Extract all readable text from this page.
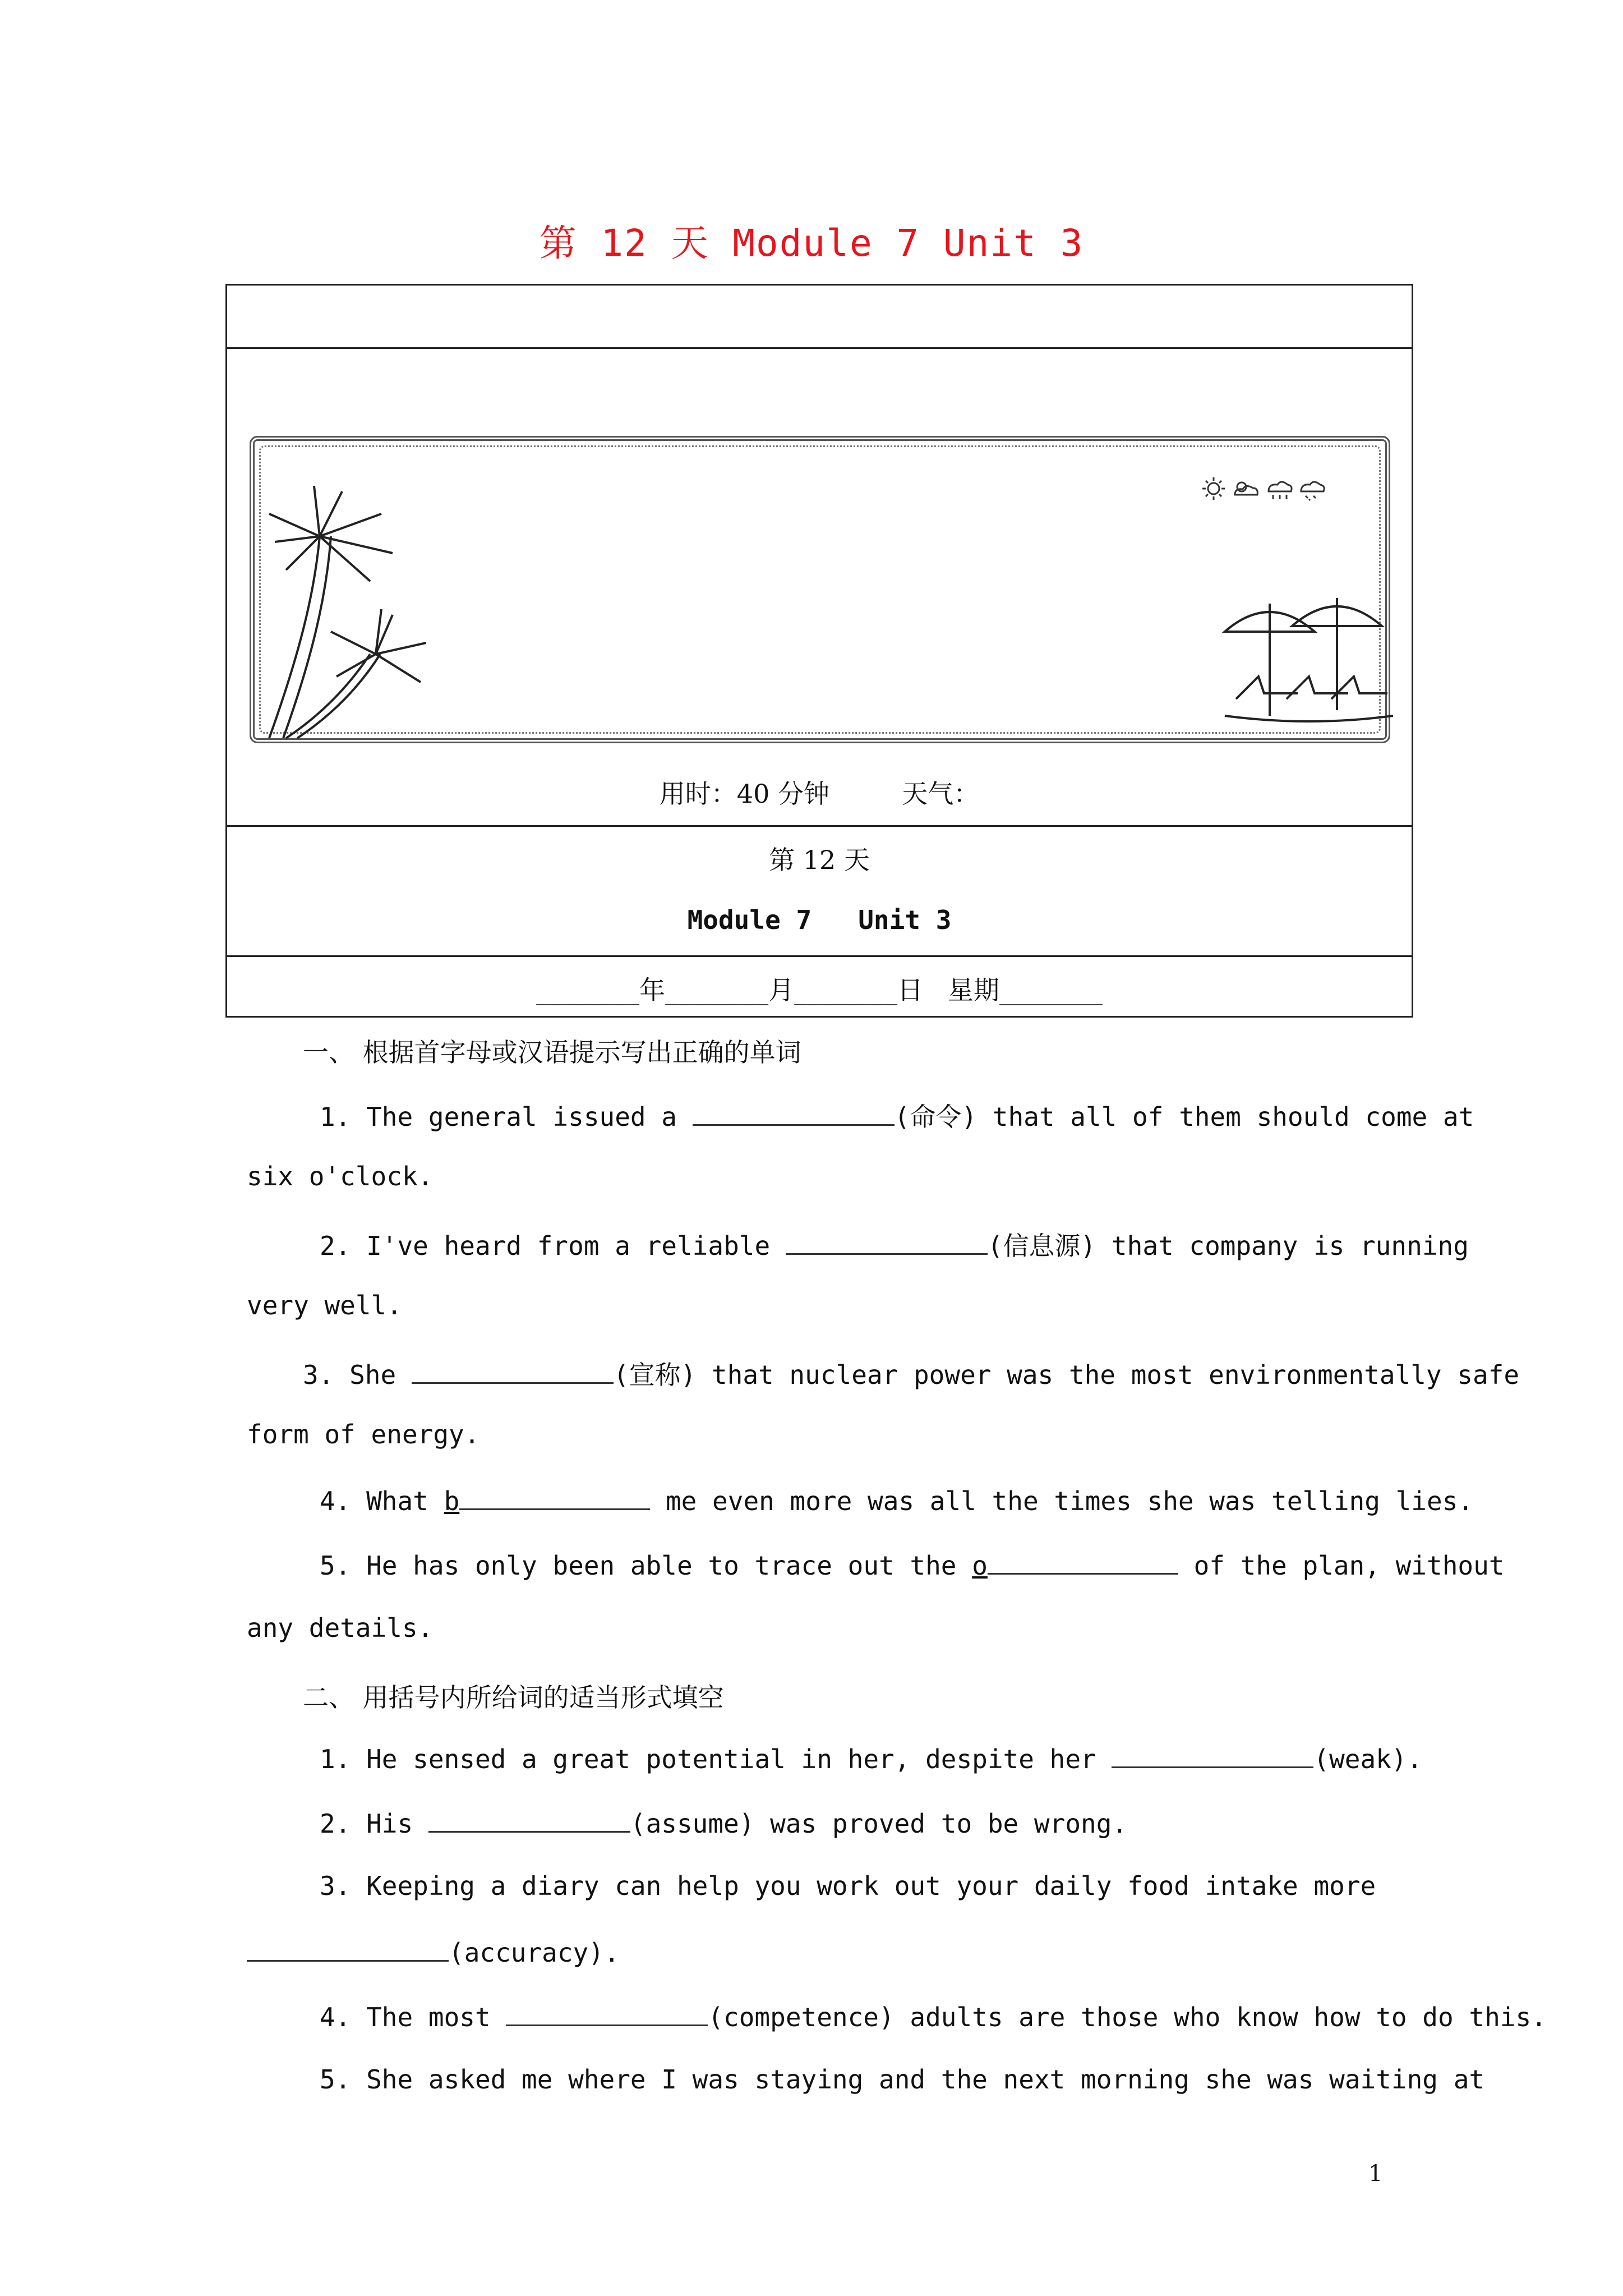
第 12 天 Module 7 Unit 3
用时：40 分钟	天气：
第 12 天
Module 7   Unit 3
________年________月________日 星期________
一、 根据首字母或汉语提示写出正确的单词
1. The general issued a	(命令) that all of them should come at
six o'clock.
2. I've heard from a reliable	(信息源) that company is running
very well.
3. She	(宣称) that nuclear power was the most environmentally safe
form of energy.
4. What b	me even more was all the times she was telling lies.
5. He has only been able to trace out the o	of the plan, without
any details.
二、 用括号内所给词的适当形式填空
1. He sensed a great potential in her, despite her	(weak).
2. His	(assume) was proved to be wrong.
3. Keeping a diary can help you work out your daily food intake more
(accuracy).
4. The most	(competence) adults are those who know how to do this.
5. She asked me where I was staying and the next morning she was waiting at
1
